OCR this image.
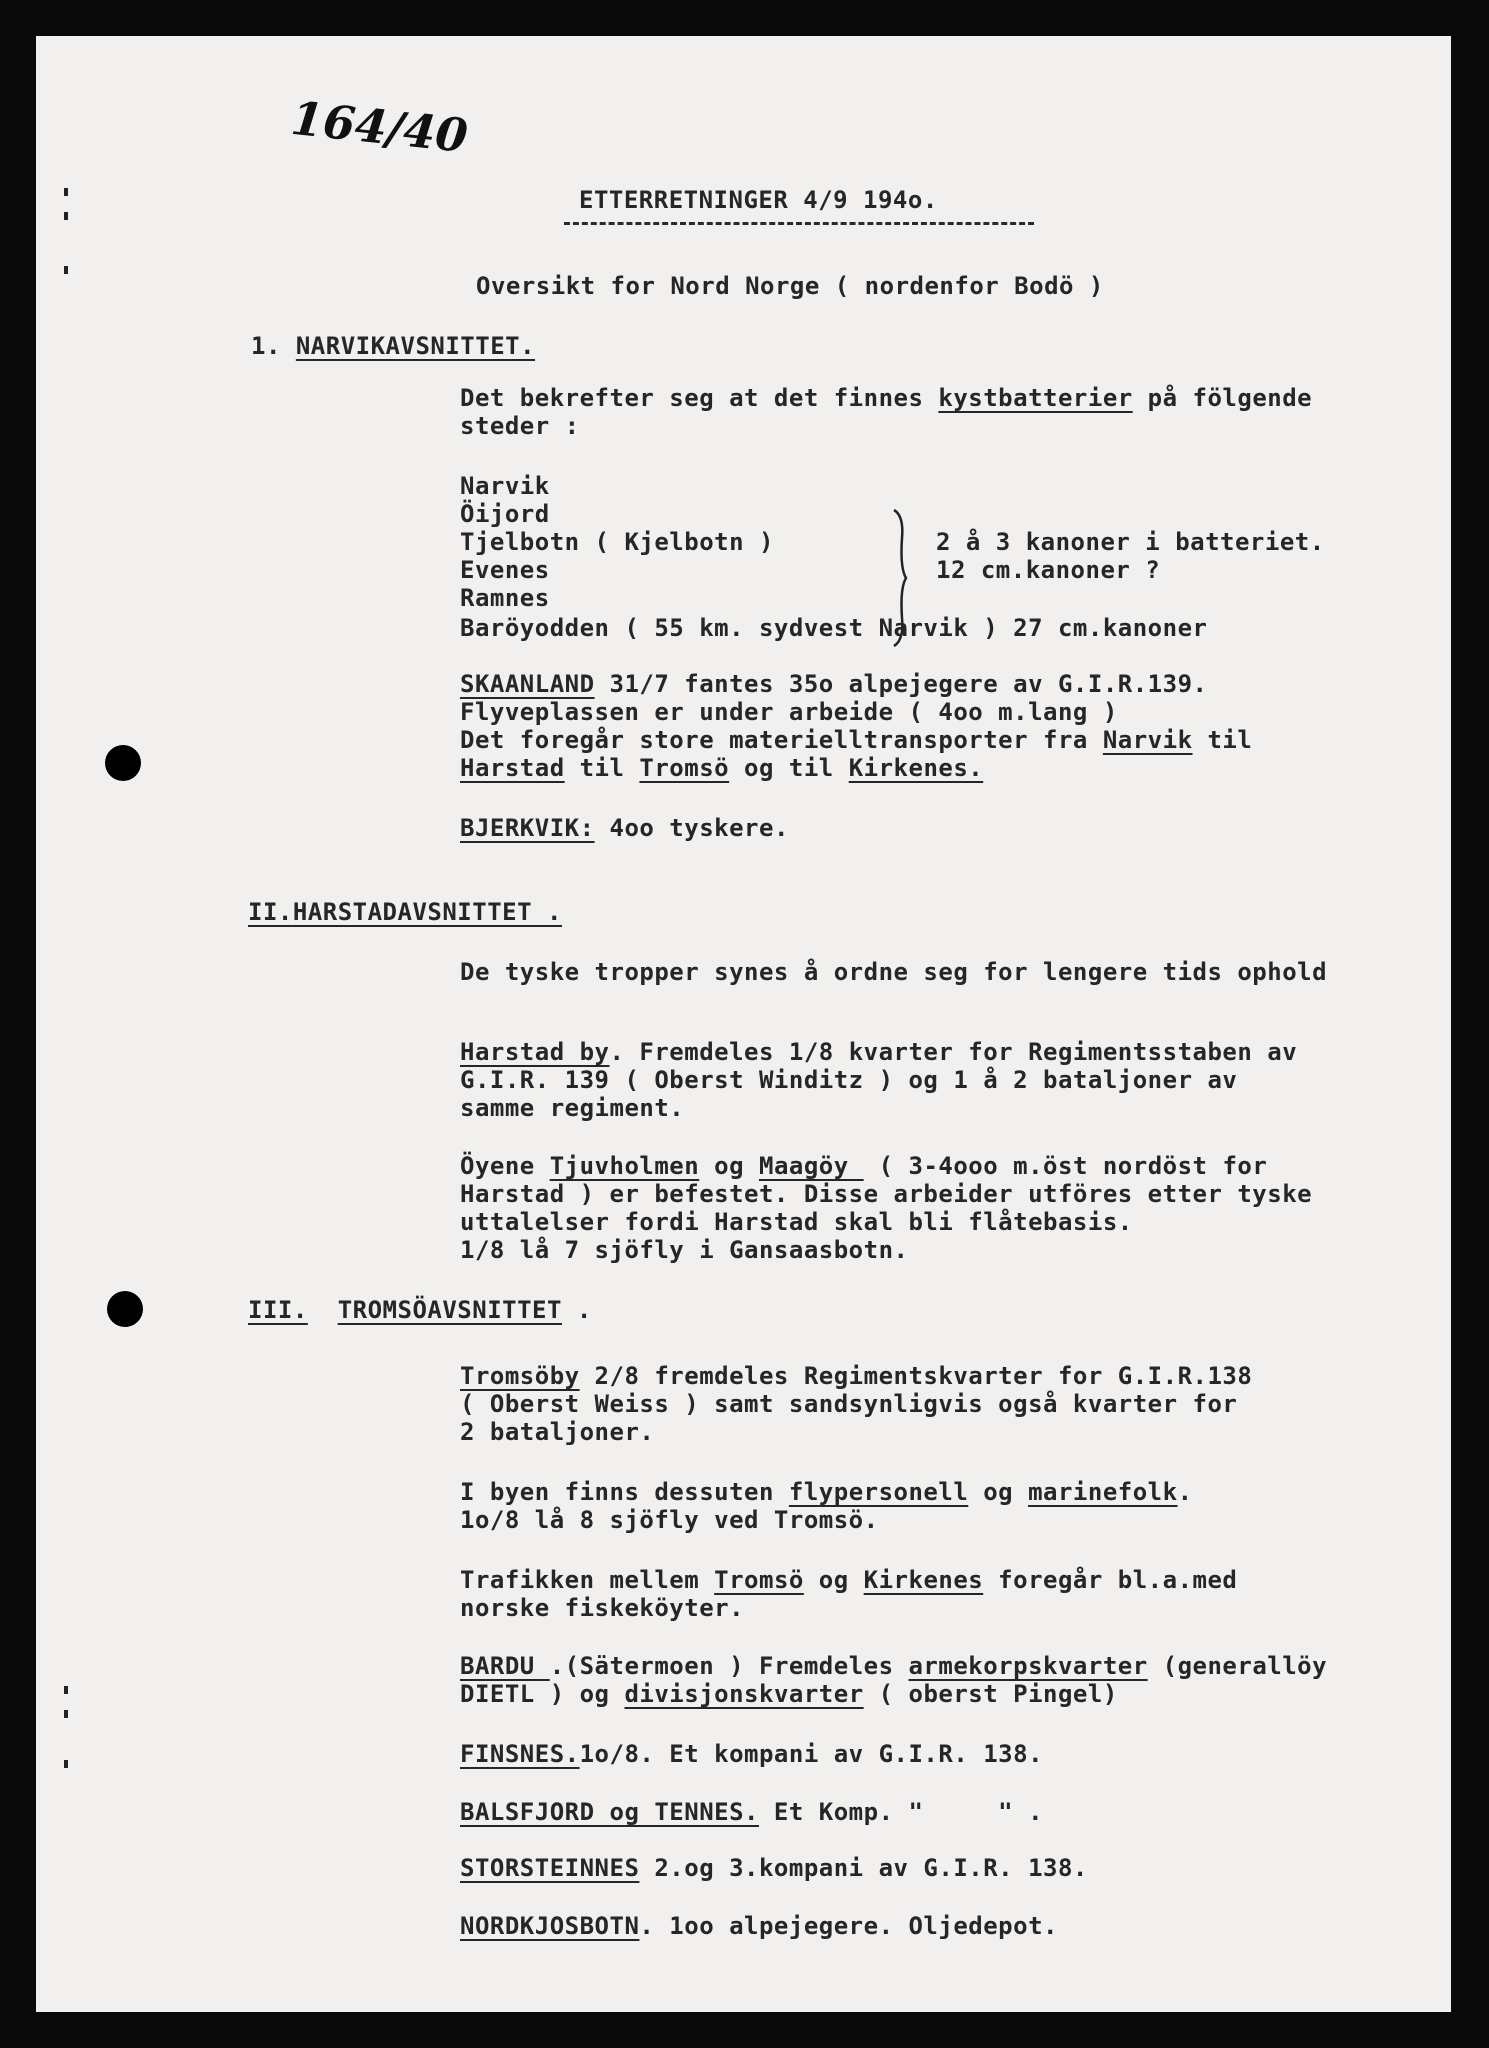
164/40
ETTERRETNINGER 4/9 194o.
Oversikt for Nord Norge ( nordenfor Bodö )
1. NARVIKAVSNITTET.
Det bekrefter seg at det finnes kystbatterier på fölgende
steder :
Narvik
Öijord
Tjelbotn ( Kjelbotn )
Evenes
Ramnes
2 å 3 kanoner i batteriet.
12 cm.kanoner ?
Baröyodden ( 55 km. sydvest Narvik ) 27 cm.kanoner
SKAANLAND 31/7 fantes 35o alpejegere av G.I.R.139.
Flyveplassen er under arbeide ( 4oo m.lang )
Det foregår store materielltransporter fra Narvik til
Harstad til Tromsö og til Kirkenes.
BJERKVIK: 4oo tyskere.
II.HARSTADAVSNITTET .
De tyske tropper synes å ordne seg for lengere tids ophold
Harstad by. Fremdeles 1/8 kvarter for Regimentsstaben av
G.I.R. 139 ( Oberst Winditz ) og 1 å 2 bataljoner av
samme regiment.
Öyene Tjuvholmen og Maagöy  ( 3-4ooo m.öst nordöst for
Harstad ) er befestet. Disse arbeider utföres etter tyske
uttalelser fordi Harstad skal bli flåtebasis.
1/8 lå 7 sjöfly i Gansaasbotn.
III. TROMSÖAVSNITTET .
Tromsöby 2/8 fremdeles Regimentskvarter for G.I.R.138
( Oberst Weiss ) samt sandsynligvis også kvarter for
2 bataljoner.
I byen finns dessuten flypersonell og marinefolk.
1o/8 lå 8 sjöfly ved Tromsö.
Trafikken mellem Tromsö og Kirkenes foregår bl.a.med
norske fiskeköyter.
BARDU .(Sätermoen ) Fremdeles armekorpskvarter (generallöy
DIETL ) og divisjonskvarter ( oberst Pingel)
FINSNES.1o/8. Et kompani av G.I.R. 138.
BALSFJORD og TENNES. Et Komp. "     " .
STORSTEINNES 2.og 3.kompani av G.I.R. 138.
NORDKJOSBOTN. 1oo alpejegere. Oljedepot.
